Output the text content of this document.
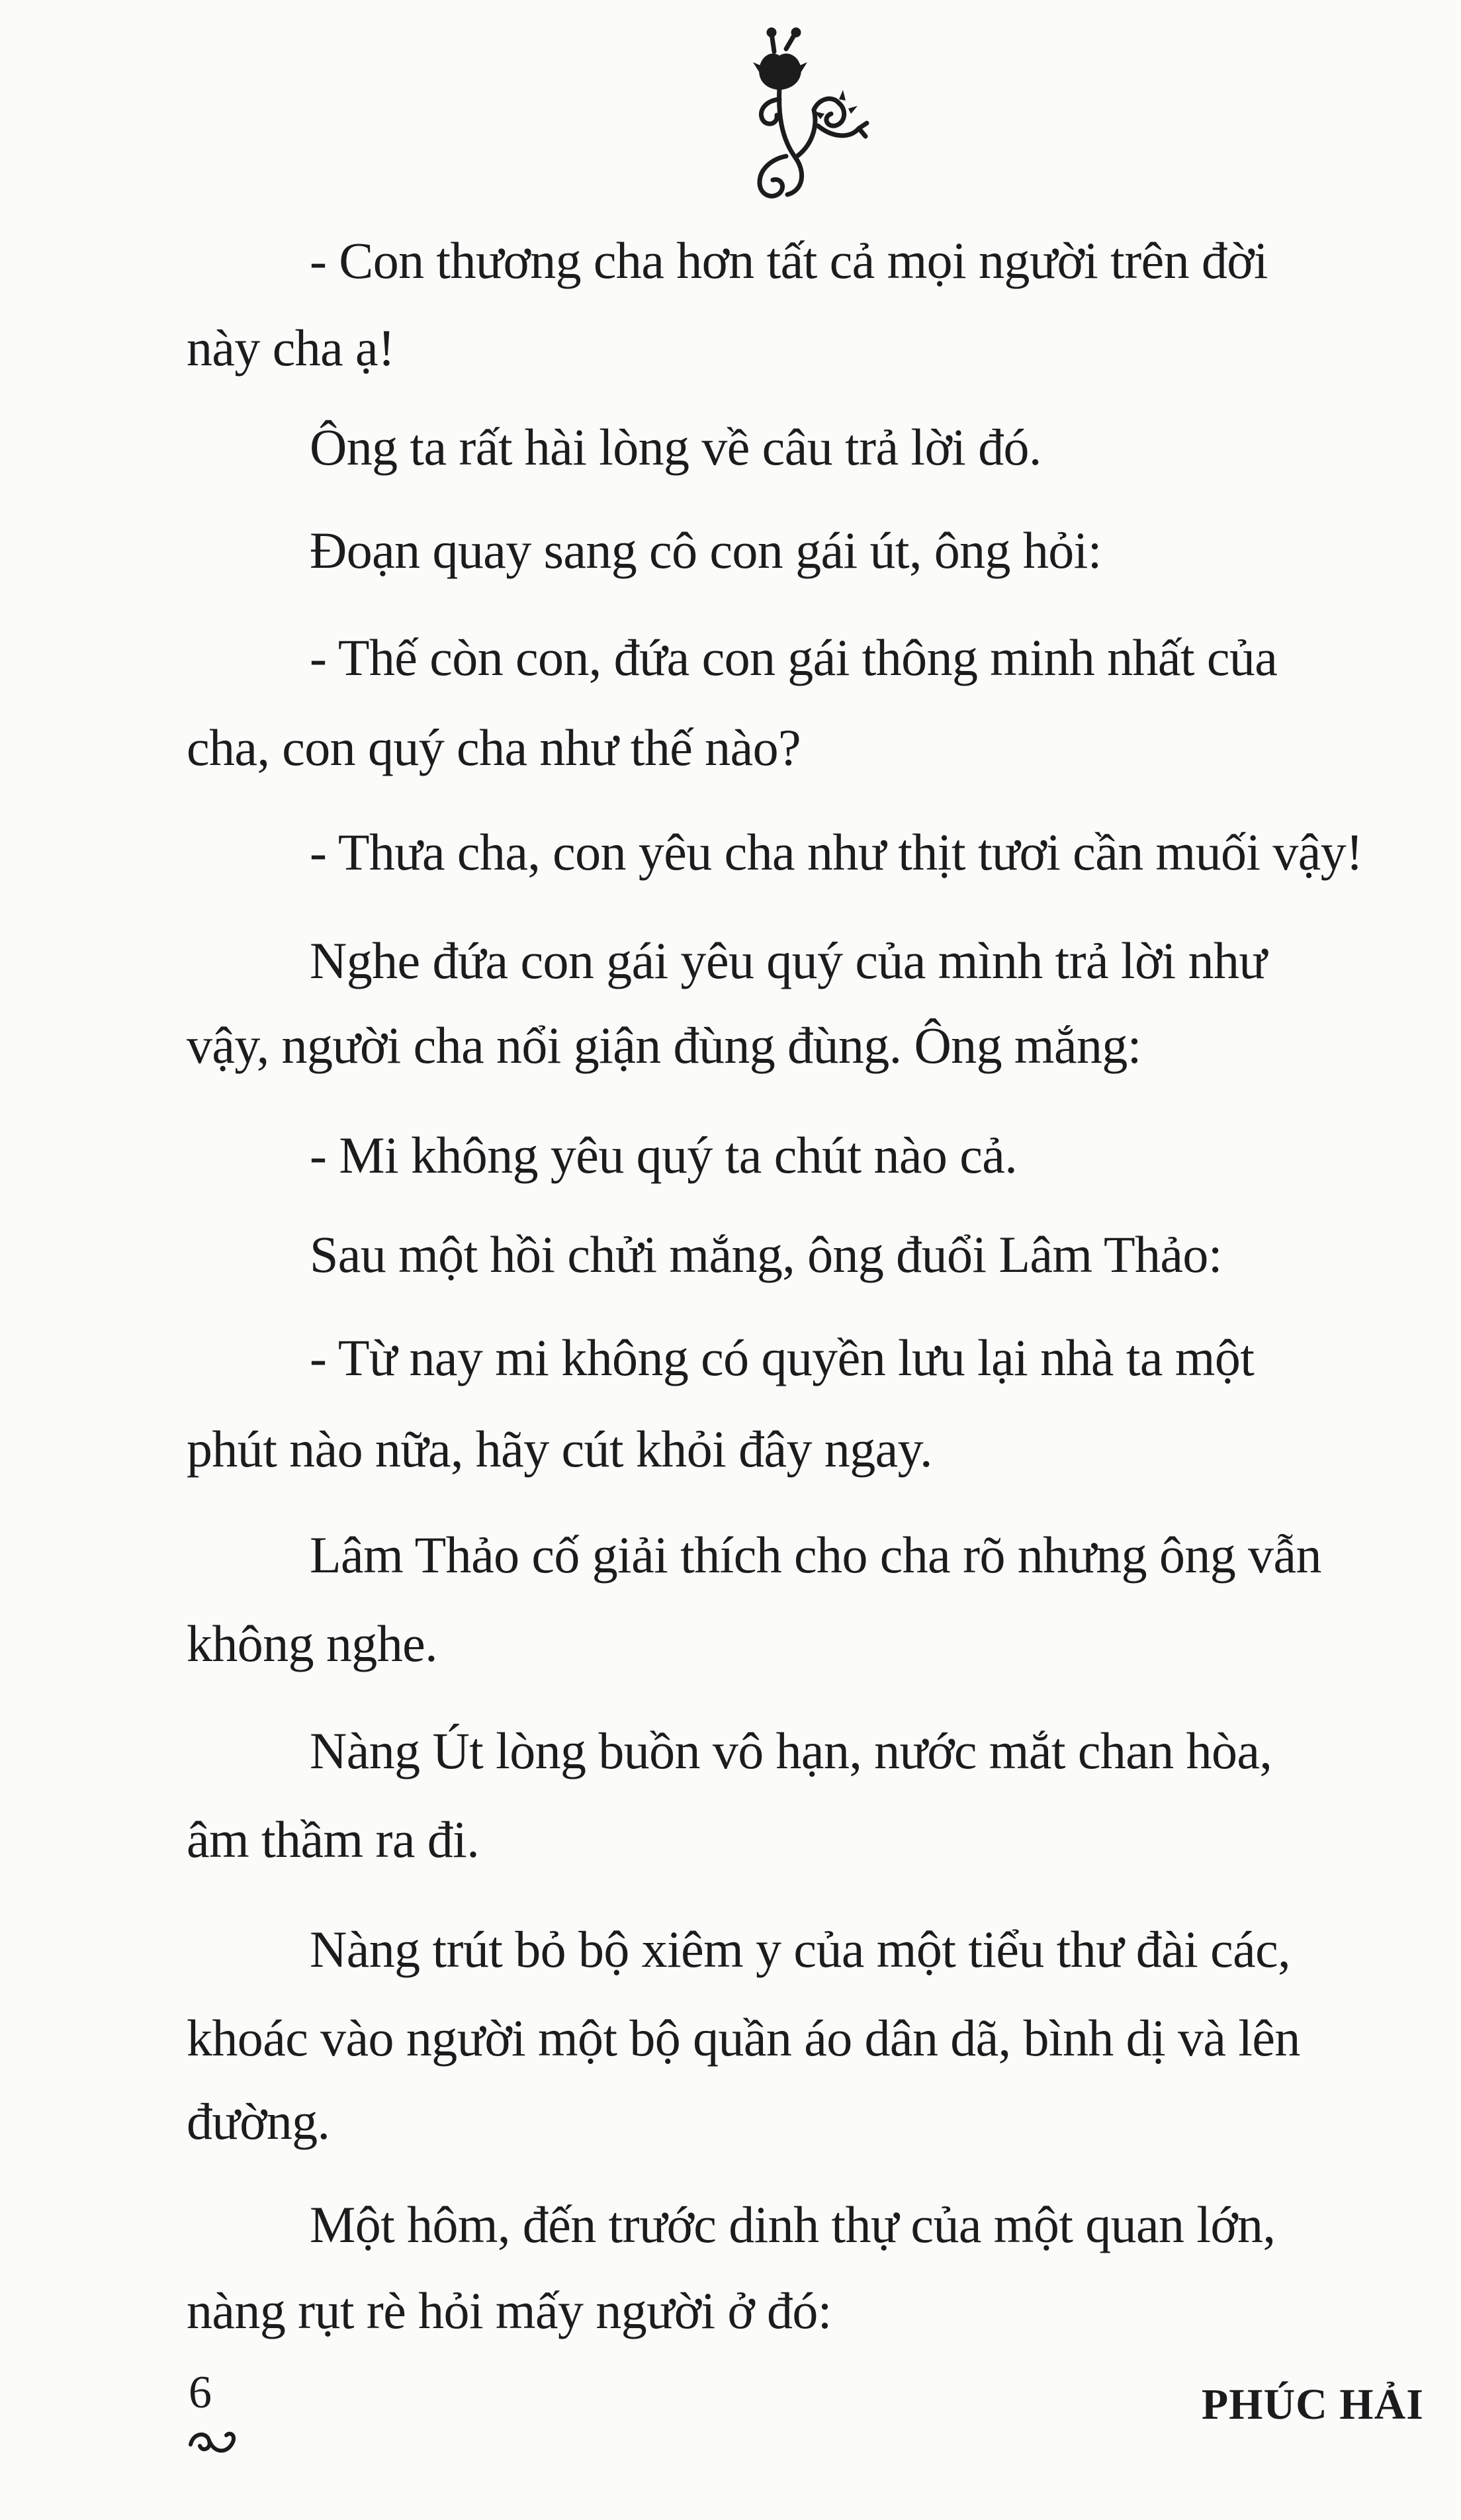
- Con thương cha hơn tất cả mọi người trên đời
này cha ạ!
Ông ta rất hài lòng về câu trả lời đó.
Đoạn quay sang cô con gái út, ông hỏi:
- Thế còn con, đứa con gái thông minh nhất của
cha, con quý cha như thế nào?
- Thưa cha, con yêu cha như thịt tươi cần muối vậy!
Nghe đứa con gái yêu quý của mình trả lời như
vậy, người cha nổi giận đùng đùng. Ông mắng:
- Mi không yêu quý ta chút nào cả.
Sau một hồi chửi mắng, ông đuổi Lâm Thảo:
- Từ nay mi không có quyền lưu lại nhà ta một
phút nào nữa, hãy cút khỏi đây ngay.
Lâm Thảo cố giải thích cho cha rõ nhưng ông vẫn
không nghe.
Nàng Út lòng buồn vô hạn, nước mắt chan hòa,
âm thầm ra đi.
Nàng trút bỏ bộ xiêm y của một tiểu thư đài các,
khoác vào người một bộ quần áo dân dã, bình dị và lên
đường.
Một hôm, đến trước dinh thự của một quan lớn,
nàng rụt rè hỏi mấy người ở đó:
6	PHÚC HẢI
